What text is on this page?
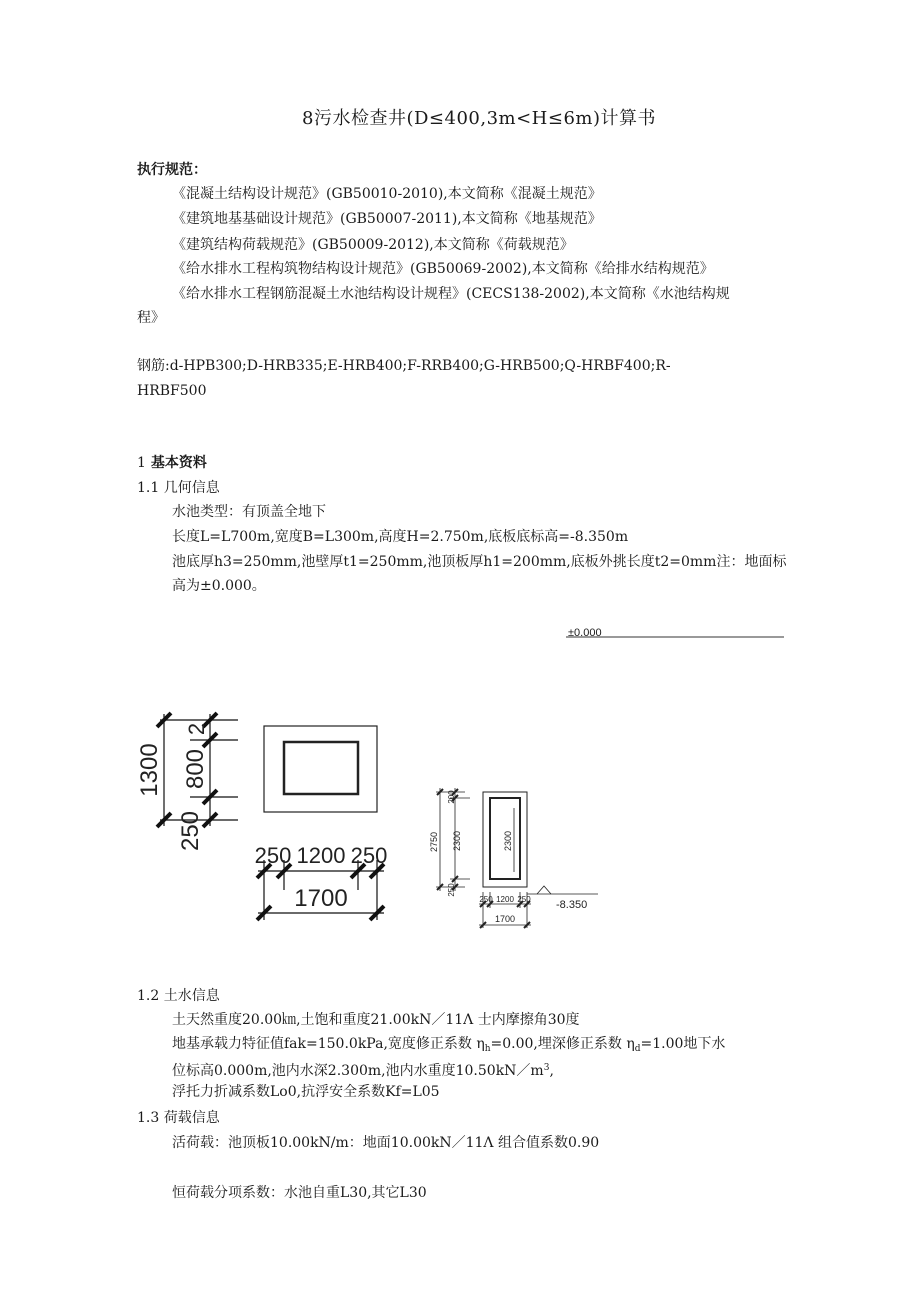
8污水检查井(D≤400,3m<H≤6m)计算书
执行规范：
《混凝土结构设计规范》(GB50010-2010),本文简称《混凝土规范》
《建筑地基基础设计规范》(GB50007-2011),本文简称《地基规范》
《建筑结构荷载规范》(GB50009-2012),本文简称《荷载规范》
《给水排水工程构筑物结构设计规范》(GB50069-2002),本文简称《给排水结构规范》
《给水排水工程钢筋混凝土水池结构设计规程》(CECS138-2002),本文简称《水池结构规
程》
钢筋:d-HPB300;D-HRB335;E-HRB400;F-RRB400;G-HRB500;Q-HRBF400;R-
HRBF500
1 基本资料
1.1 几何信息
水池类型：有顶盖全地下
长度L=L700m,宽度B=L300m,高度H=2.750m,底板底标高=-8.350m
池底厚h3=250mm,池壁厚t1=250mm,池顶板厚h1=200mm,底板外挑长度t2=0mm注：地面标
高为±0.000。
±0.000
1300 800
2
250
250 1200 250
1700
2750
200
2300
250
2300
-8.350
250 1200 250
1700
1.2 土水信息
土天然重度20.00㎞,土饱和重度21.00kN／11Λ 士内摩擦角30度
地基承载力特征值fak=150.0kPa,宽度修正系数 $\eta_h=0.00$,埋深修正系数 $\eta_d=1.00$地下水
位标高0.000m,池内水深2.300m,池内水重度$10.50kN/m^3$,
浮托力折减系数Lo0,抗浮安全系数Kf=L05
1.3 荷载信息
活荷载：池顶板10.00kN/m：地面10.00kN／11Λ 组合值系数0.90
恒荷载分项系数：水池自重L30,其它L30
